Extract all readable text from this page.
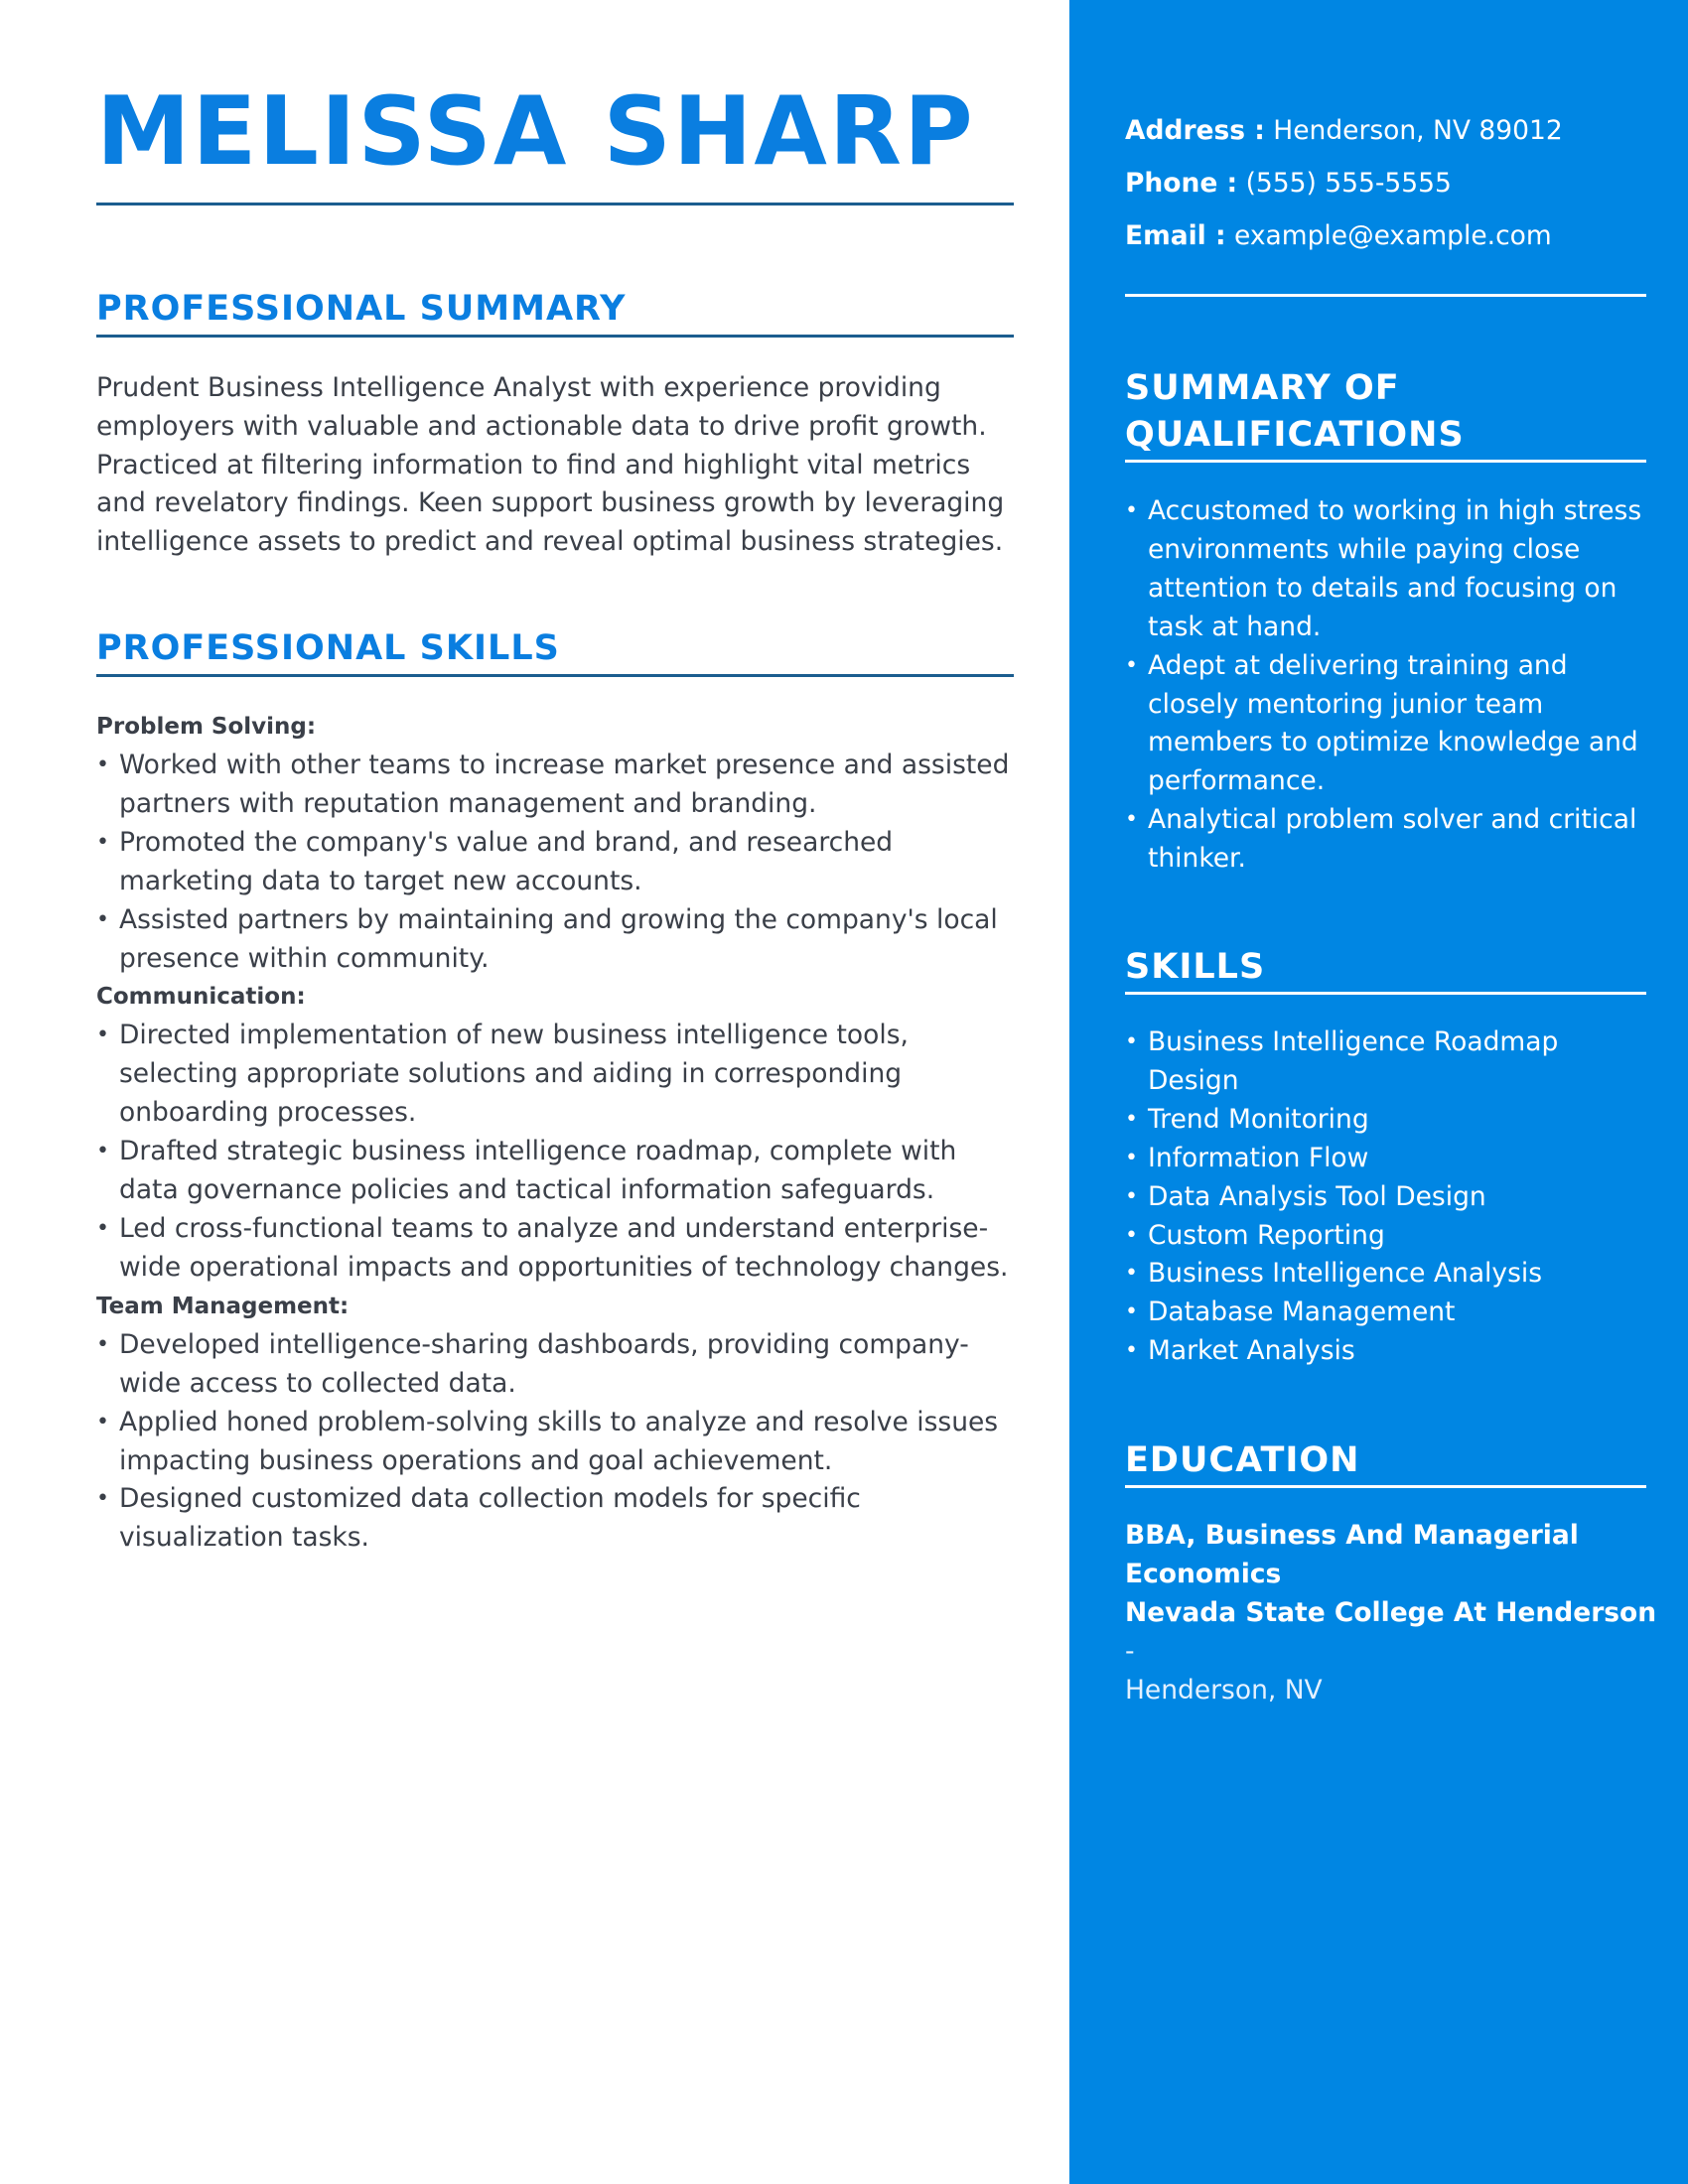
MELISSA SHARP
PROFESSIONAL SUMMARY

Prudent Business Intelligence Analyst with experience providing employers with valuable and actionable data to drive profit growth. Practiced at filtering information to find and highlight vital metrics and revelatory findings. Keen support business growth by leveraging intelligence assets to predict and reveal optimal business strategies.

PROFESSIONAL SKILLS
Problem Solving:
• Worked with other teams to increase market presence and assisted partners with reputation management and branding.
• Promoted the company's value and brand, and researched marketing data to target new accounts.
• Assisted partners by maintaining and growing the company's local presence within community.
Communication:
• Directed implementation of new business intelligence tools, selecting appropriate solutions and aiding in corresponding onboarding processes.
• Drafted strategic business intelligence roadmap, complete with data governance policies and tactical information safeguards.
• Led cross-functional teams to analyze and understand enterprise-wide operational impacts and opportunities of technology changes.
Team Management:
• Developed intelligence-sharing dashboards, providing company-wide access to collected data.
• Applied honed problem-solving skills to analyze and resolve issues impacting business operations and goal achievement.
• Designed customized data collection models for specific visualization tasks.
Address : Henderson, NV 89012
Phone : (555) 555-5555
Email : example@example.com
SUMMARY OF QUALIFICATIONS
• Accustomed to working in high stress environments while paying close attention to details and focusing on task at hand.
• Adept at delivering training and closely mentoring junior team members to optimize knowledge and performance.
• Analytical problem solver and critical thinker.
SKILLS
• Business Intelligence Roadmap Design
• Trend Monitoring
• Information Flow
• Data Analysis Tool Design
• Custom Reporting
• Business Intelligence Analysis
• Database Management
• Market Analysis
EDUCATION
BBA, Business And Managerial Economics
Nevada State College At Henderson -
Henderson, NV
